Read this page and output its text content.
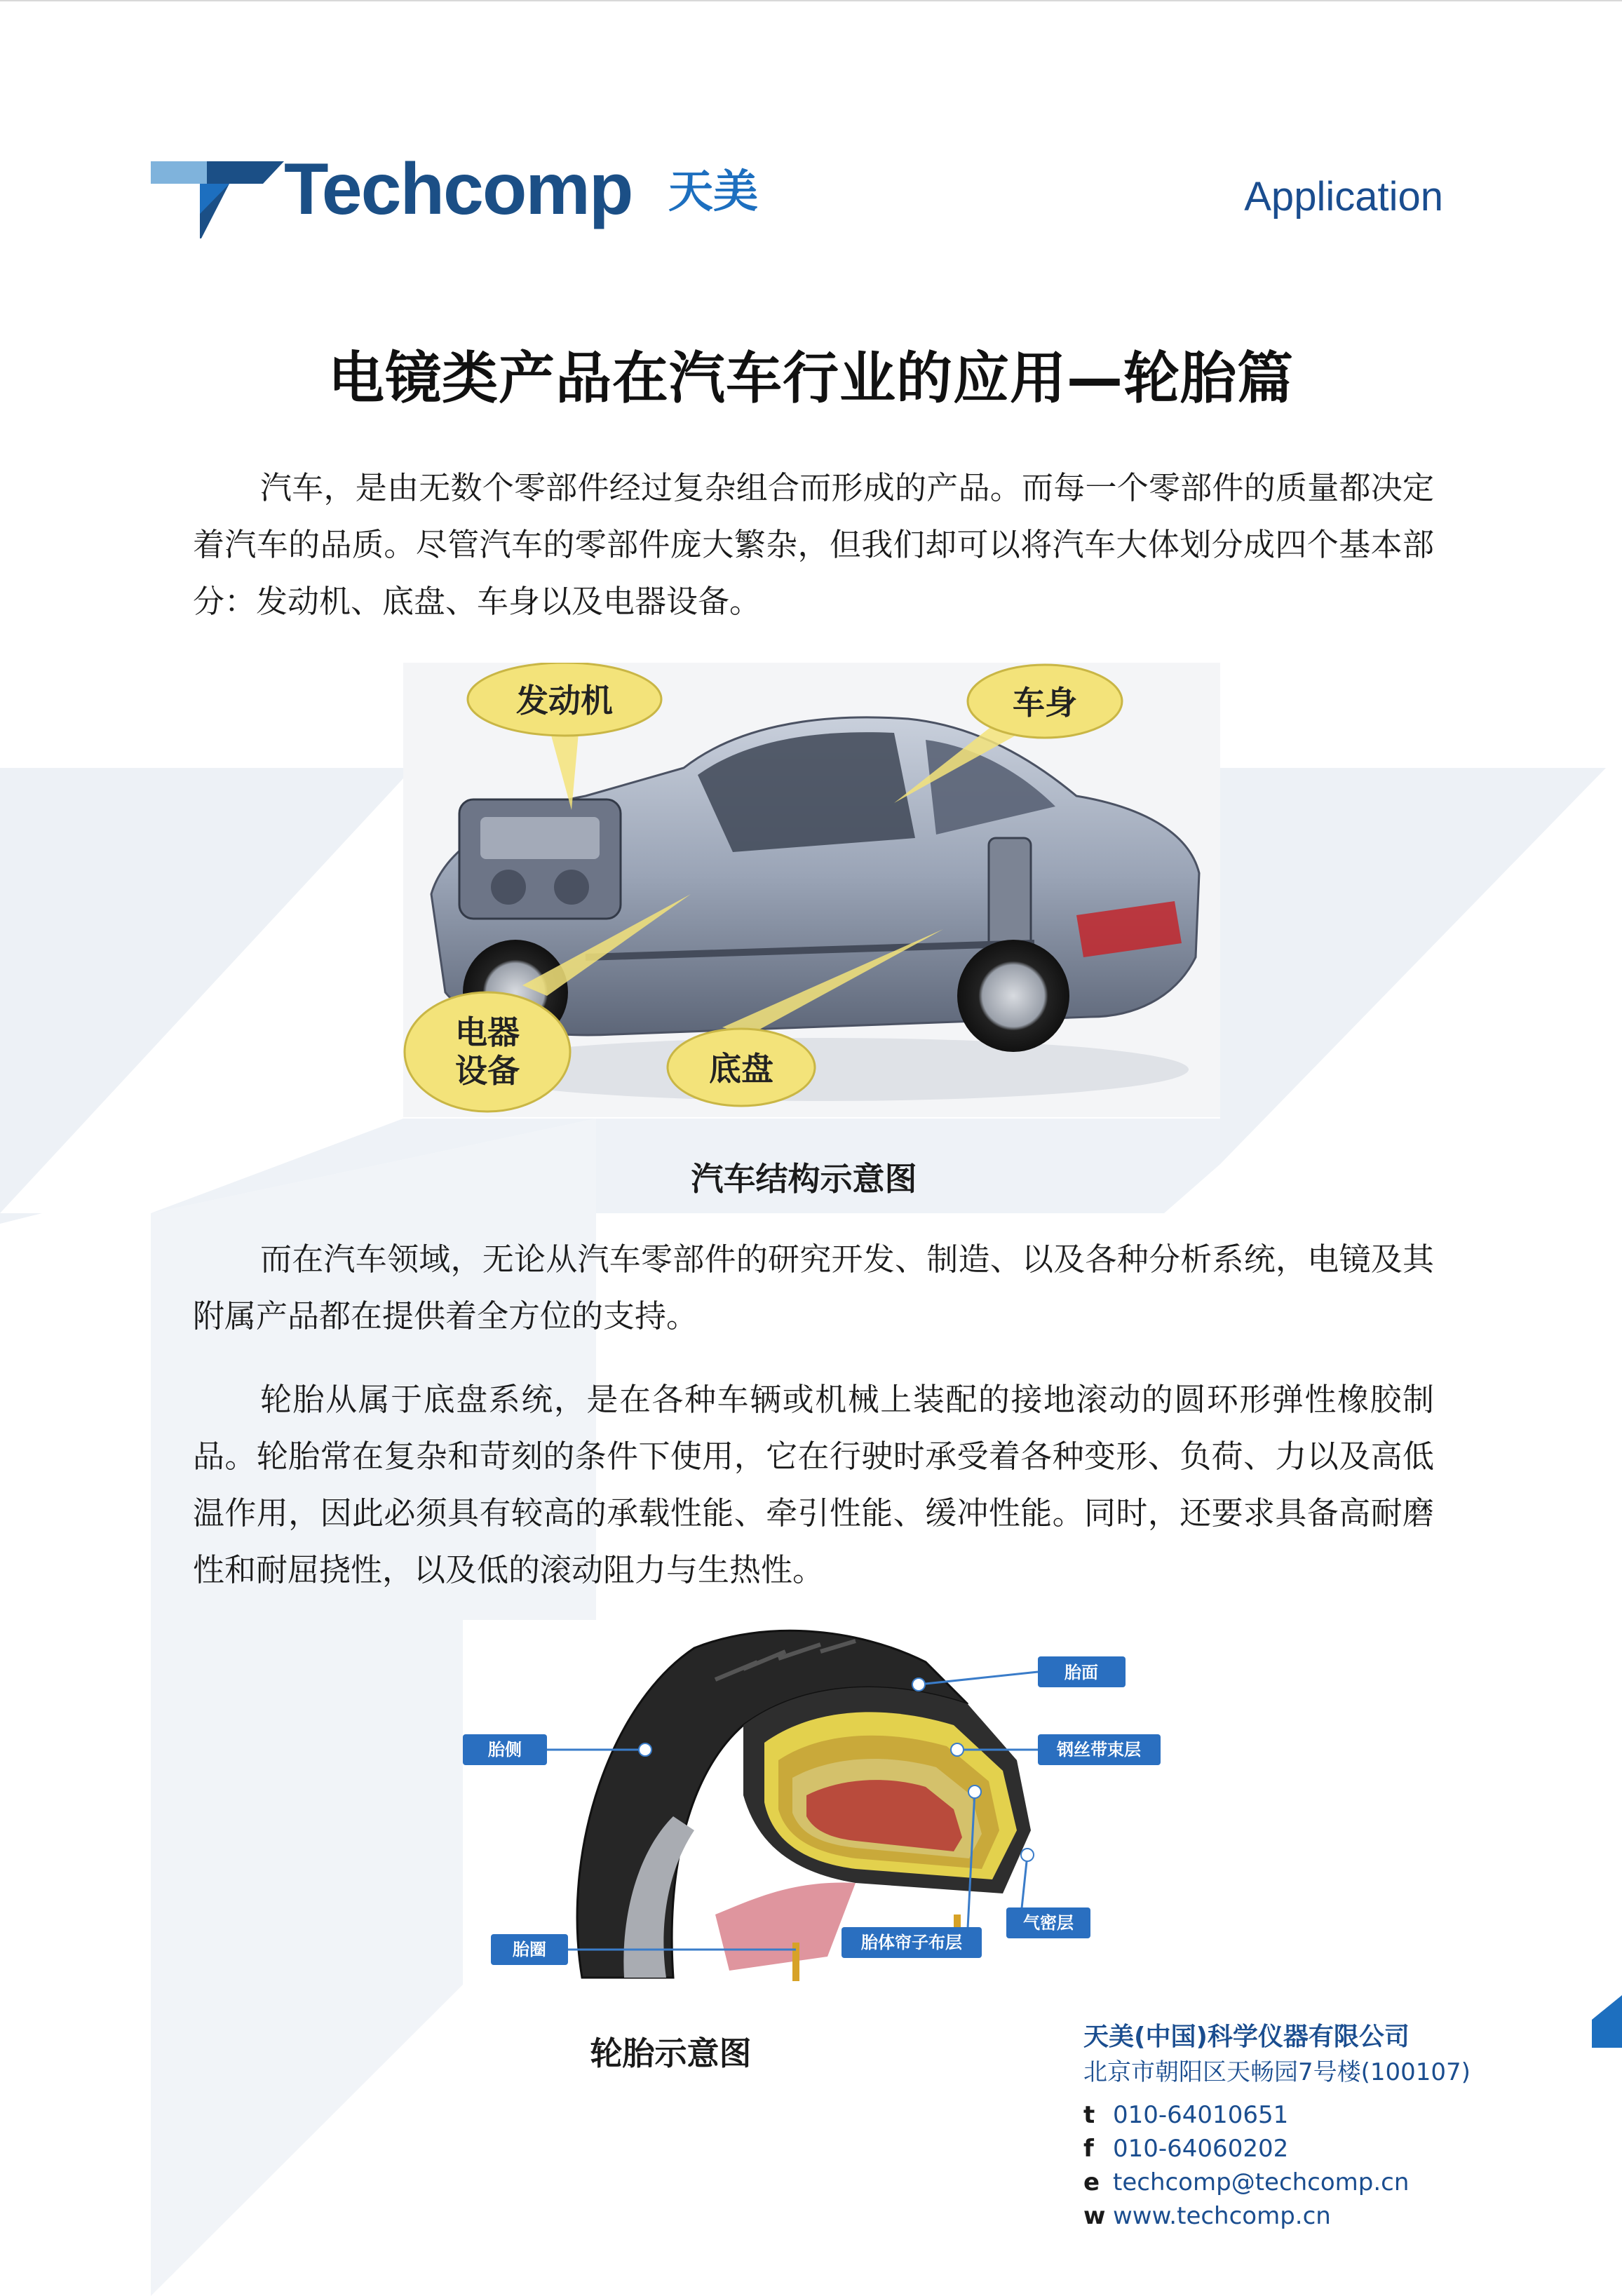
Techcomp 天美	Application
电镜类产品在汽车行业的应用—轮胎篇

汽车，是由无数个零部件经过复杂组合而形成的产品。而每一个零部件的质量都决定着汽车的品质。尽管汽车的零部件庞大繁杂，但我们却可以将汽车大体划分成四个基本部分：发动机、底盘、车身以及电器设备。

发动机	车身
电器
设备	底盘
汽车结构示意图

而在汽车领域，无论从汽车零部件的研究开发、制造、以及各种分析系统，电镜及其附属产品都在提供着全方位的支持。

轮胎从属于底盘系统，是在各种车辆或机械上装配的接地滚动的圆环形弹性橡胶制品。轮胎常在复杂和苛刻的条件下使用，它在行驶时承受着各种变形、负荷、力以及高低温作用，因此必须具有较高的承载性能、牵引性能、缓冲性能。同时，还要求具备高耐磨性和耐屈挠性，以及低的滚动阻力与生热性。

胎面
胎侧	钢丝带束层
胎圈	胎体帘子布层
气密层
轮胎示意图	天美(中国)科学仪器有限公司
北京市朝阳区天畅园7号楼(100107)
t 010-64010651
f 010-64060202
e techcomp@techcomp.cn
w www.techcomp.cn
